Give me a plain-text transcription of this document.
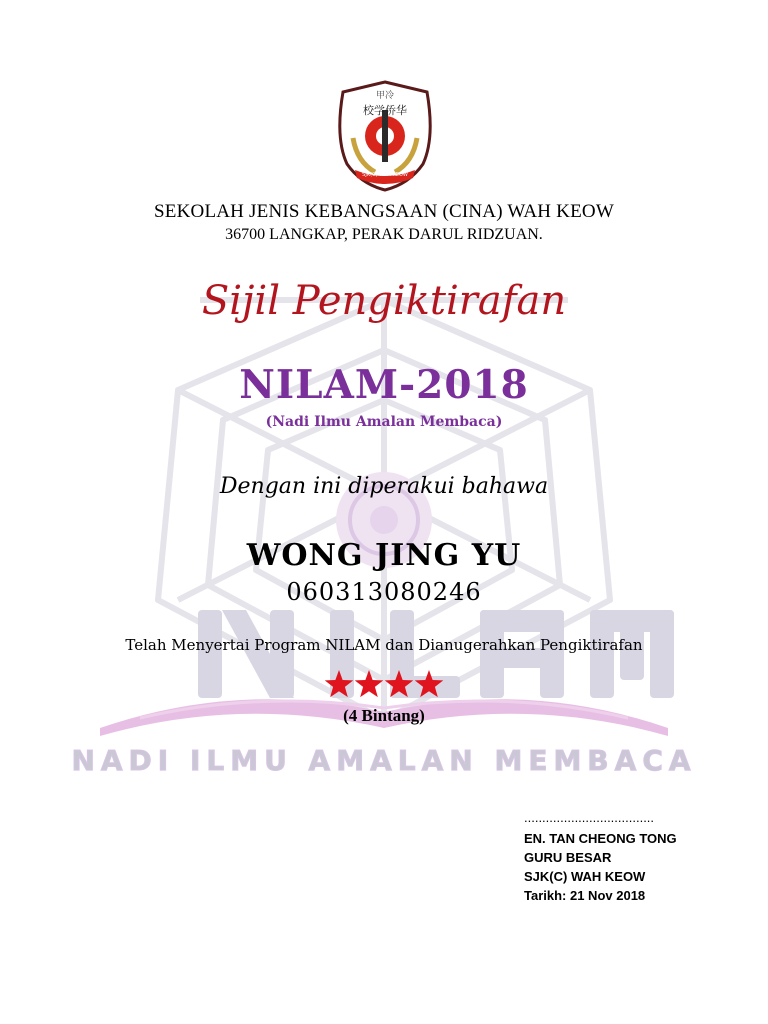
NADI ILMU AMALAN MEMBACA
甲冷
校学侨华
SJK(C) WAH KEOW
SEKOLAH JENIS KEBANGSAAN (CINA) WAH KEOW
36700 LANGKAP, PERAK DARUL RIDZUAN.
Sijil Pengiktirafan
NILAM-2018
(Nadi Ilmu Amalan Membaca)
Dengan ini diperakui bahawa
WONG JING YU
060313080246
Telah Menyertai Program NILAM dan Dianugerahkan Pengiktirafan
(4 Bintang)
....................................
EN. TAN CHEONG TONG
GURU BESAR
SJK(C) WAH KEOW
Tarikh: 21 Nov 2018
